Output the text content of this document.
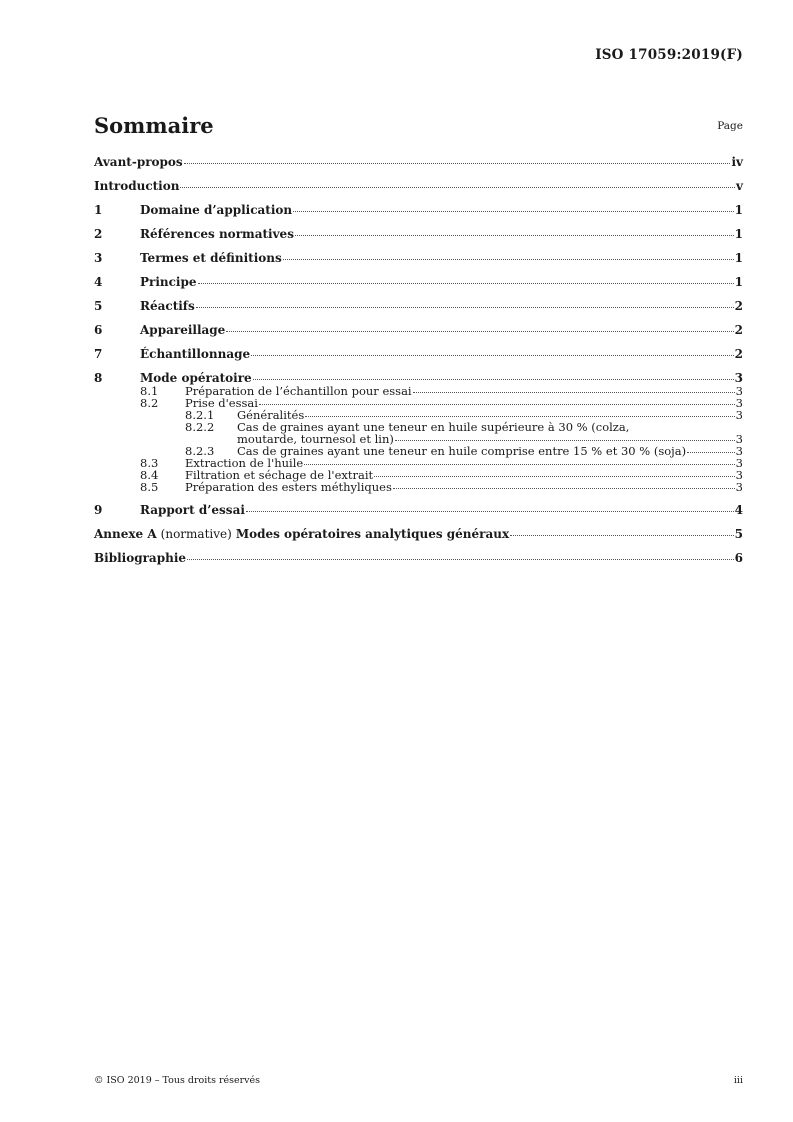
ISO 17059:2019(F)
Sommaire	Page
Avant-propos	iv
Introduction	v
1	Domaine d’application	1
2	Références normatives	1
3	Termes et définitions	1
4	Principe	1
5	Réactifs	2
6	Appareillage	2
7	Échantillonnage	2
8	Mode opératoire	3
8.1	Préparation de l’échantillon pour essai	3
8.2	Prise d'essai	3
8.2.1	Généralités	3
8.2.2	Cas de graines ayant une teneur en huile supérieure à 30 % (colza,
moutarde, tournesol et lin)	3
8.2.3	Cas de graines ayant une teneur en huile comprise entre 15 % et 30 % (soja)	3
8.3	Extraction de l'huile	3
8.4	Filtration et séchage de l'extrait	3
8.5	Préparation des esters méthyliques	3
9	Rapport d’essai	4
Annexe A (normative) Modes opératoires analytiques généraux	5
Bibliographie	6
© ISO 2019 – Tous droits réservés	iii
